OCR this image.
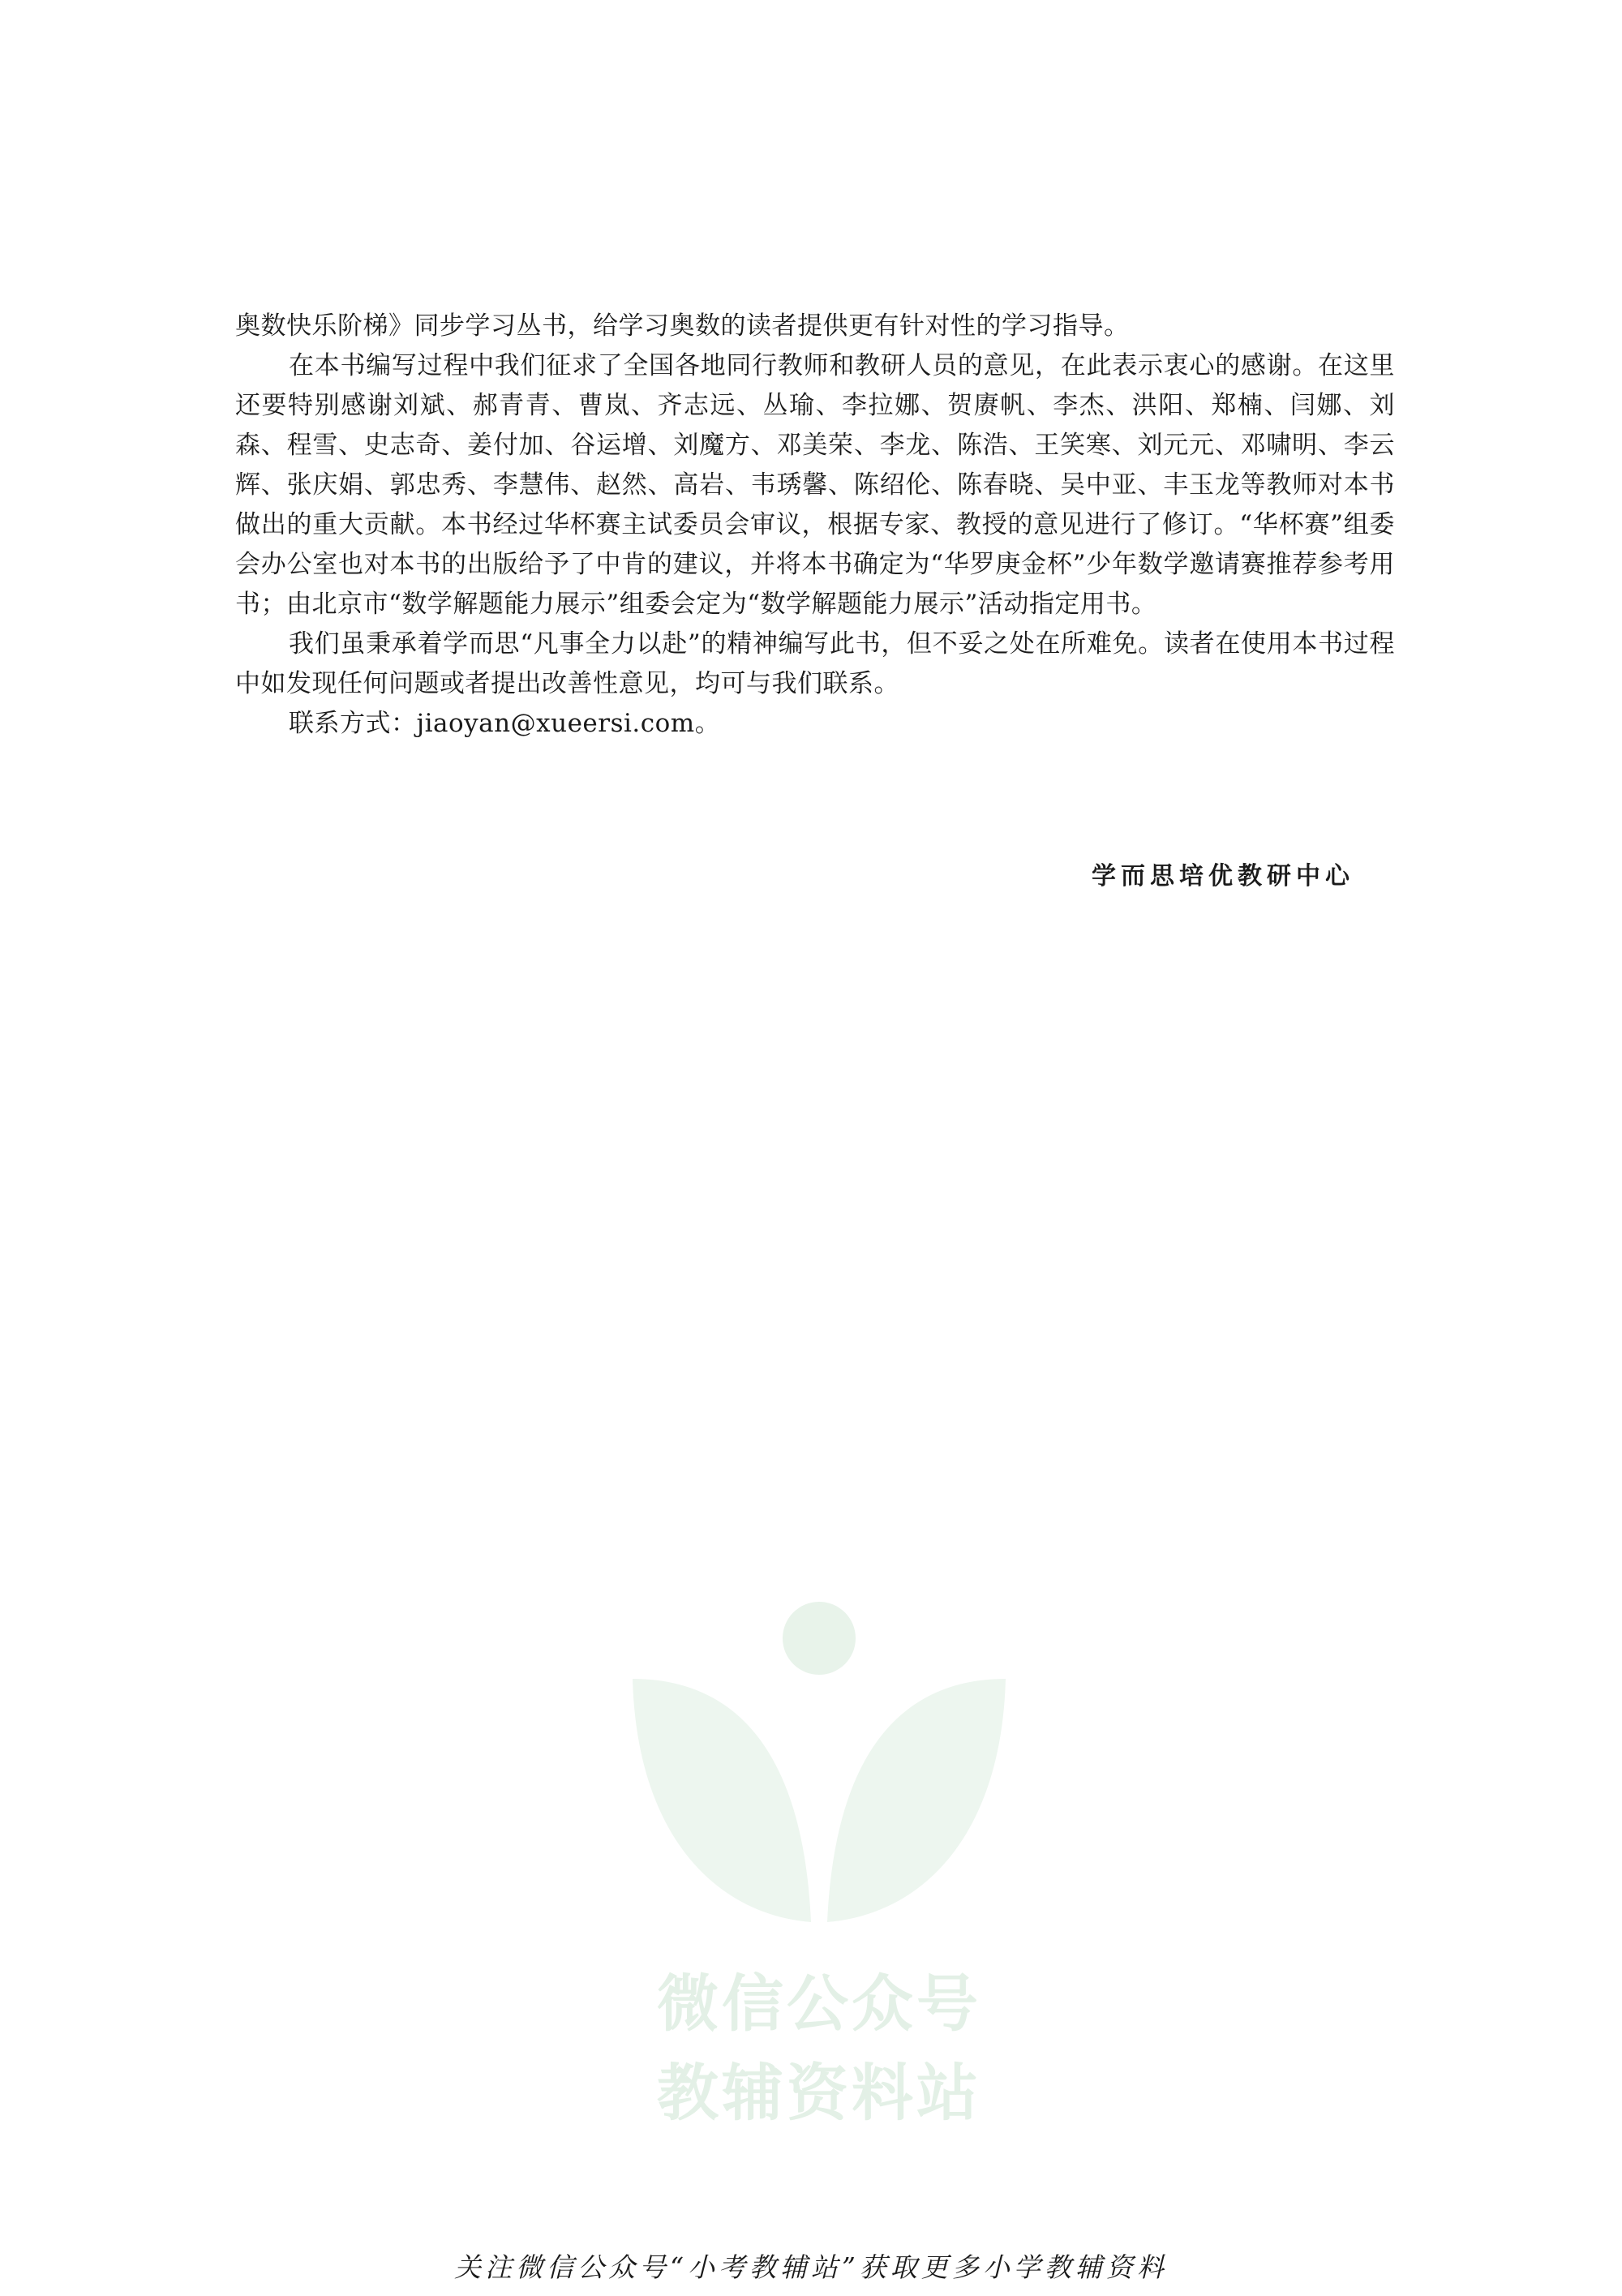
奥数快乐阶梯》同步学习丛书，给学习奥数的读者提供更有针对性的学习指导。

在本书编写过程中我们征求了全国各地同行教师和教研人员的意见，在此表示衷心的感谢。在这里还要特别感谢刘斌、郝青青、曹岚、齐志远、丛瑜、李拉娜、贺赓帆、李杰、洪阳、郑楠、闫娜、刘森、程雪、史志奇、姜付加、谷运增、刘魔方、邓美荣、李龙、陈浩、王笑寒、刘元元、邓啸明、李云辉、张庆娟、郭忠秀、李慧伟、赵然、高岩、韦琇馨、陈绍伦、陈春晓、吴中亚、丰玉龙等教师对本书做出的重大贡献。本书经过华杯赛主试委员会审议，根据专家、教授的意见进行了修订。“华杯赛”组委会办公室也对本书的出版给予了中肯的建议，并将本书确定为“华罗庚金杯”少年数学邀请赛推荐参考用书；由北京市“数学解题能力展示”组委会定为“数学解题能力展示”活动指定用书。

我们虽秉承着学而思“凡事全力以赴”的精神编写此书，但不妥之处在所难免。读者在使用本书过程中如发现任何问题或者提出改善性意见，均可与我们联系。

联系方式：jiaoyan@xueersi.com。

学而思培优教研中心
微信公众号
教辅资料站
关注微信公众号“小考教辅站”获取更多小学教辅资料
